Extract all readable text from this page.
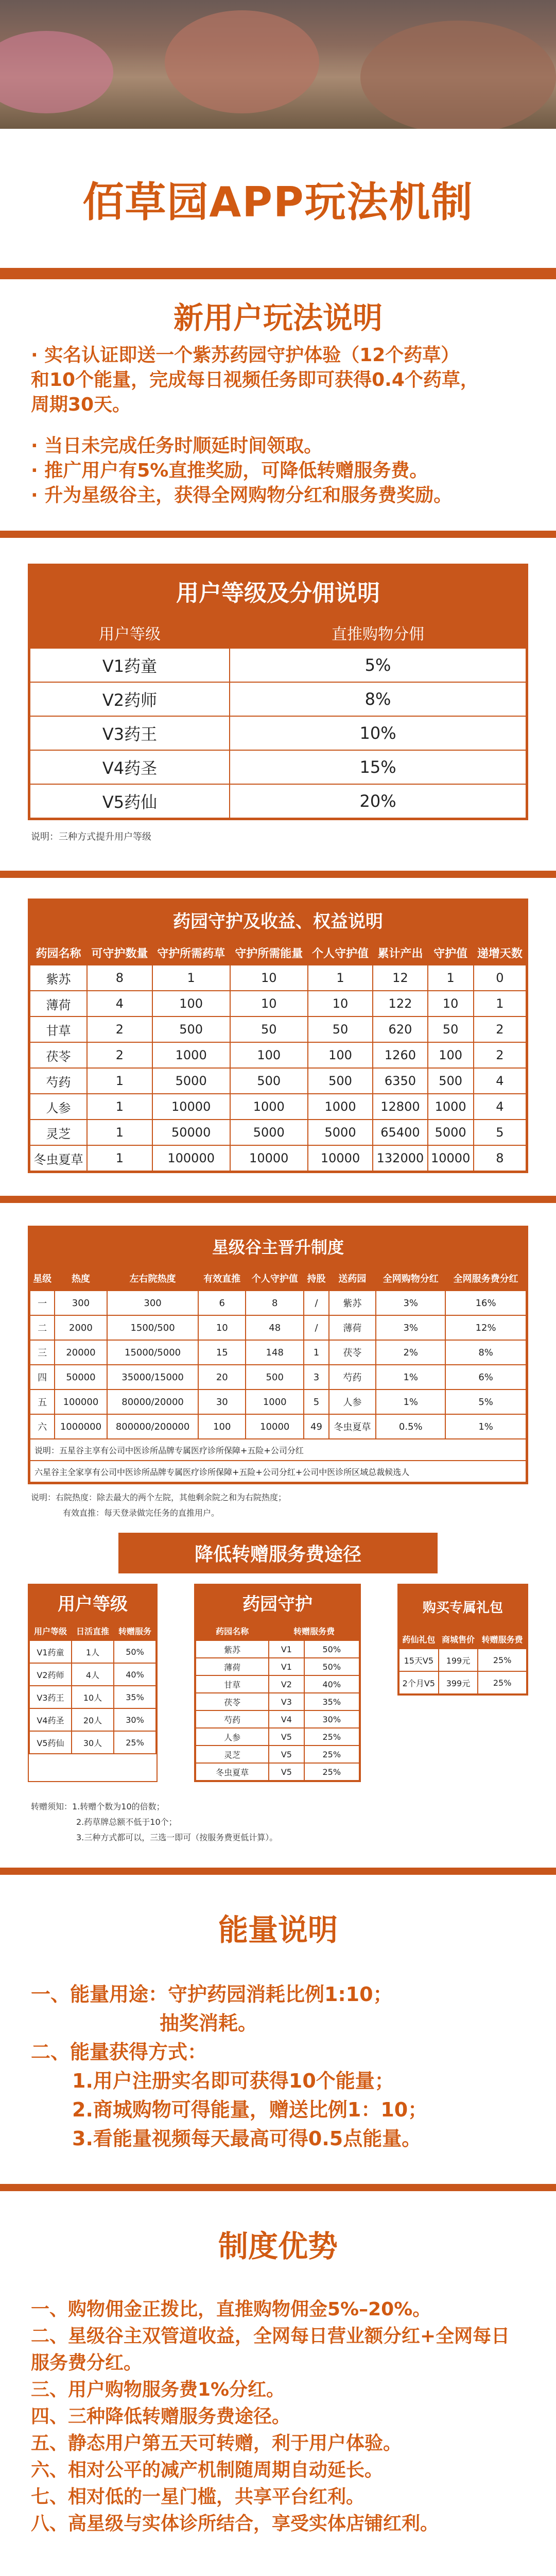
佰草园APP玩法机制
新用户玩法说明

· 实名认证即送一个紫苏药园守护体验（12个药草）

和10个能量，完成每日视频任务即可获得0.4个药草，

周期30天。

· 当日未完成任务时顺延时间领取。

· 推广用户有5%直推奖励，可降低转赠服务费。

· 升为星级谷主，获得全网购物分红和服务费奖励。

用户等级及分佣说明
用户等级	直推购物分佣
V1药童	5%
V2药师	8%
V3药王	10%
V4药圣	15%
V5药仙	20%
说明：三种方式提升用户等级
药园守护及收益、权益说明
药园名称	可守护数量	守护所需药草	守护所需能量	个人守护值	累计产出	守护值	递增天数
紫苏	8	1	10	1	12	1	0
薄荷	4	100	10	10	122	10	1
甘草	2	500	50	50	620	50	2
茯苓	2	1000	100	100	1260	100	2
芍药	1	5000	500	500	6350	500	4
人参	1	10000	1000	1000	12800	1000	4
灵芝	1	50000	5000	5000	65400	5000	5
冬虫夏草	1	100000	10000	10000	132000	10000	8
星级谷主晋升制度
星级	热度	左右院热度	有效直推	个人守护值	持股	送药园	全网购物分红	全网服务费分红
一	300	300	6	8	/	紫苏	3%	16%
二	2000	1500/500	10	48	/	薄荷	3%	12%
三	20000	15000/5000	15	148	1	茯苓	2%	8%
四	50000	35000/15000	20	500	3	芍药	1%	6%
五	100000	80000/20000	30	1000	5	人参	1%	5%
六	1000000	800000/200000	100	10000	49	冬虫夏草	0.5%	1%
说明：五星谷主享有公司中医诊所品牌专属医疗诊所保障+五险+公司分红								
六星谷主全家享有公司中医诊所品牌专属医疗诊所保障+五险+公司分红+公司中医诊所区域总裁候选人								
说明：右院热度：除去最大的两个左院，其他剩余院之和为右院热度；
有效直推：每天登录做完任务的直推用户。
降低转赠服务费途径
用户等级
用户等级	日活直推	转赠服务
V1药童	1人	50%
V2药师	4人	40%
V3药王	10人	35%
V4药圣	20人	30%
V5药仙	30人	25%
药园守护
药园名称	转赠服务费	
紫苏	V1	50%
薄荷	V1	50%
甘草	V2	40%
茯苓	V3	35%
芍药	V4	30%
人参	V5	25%
灵芝	V5	25%
冬虫夏草	V5	25%
购买专属礼包
药仙礼包	商城售价	转赠服务费
15天V5	199元	25%
2个月V5	399元	25%
转赠须知：1.转赠个数为10的倍数；
2.药草牌总额不低于10个；
3.三种方式都可以，三选一即可（按服务费更低计算）。
能量说明

一、能量用途：守护药园消耗比例1:10；

抽奖消耗。

二、能量获得方式：

1.用户注册实名即可获得10个能量；

2.商城购物可得能量，赠送比例1：10；

3.看能量视频每天最高可得0.5点能量。

制度优势

一、购物佣金正拨比，直推购物佣金5%–20%。

二、星级谷主双管道收益，全网每日营业额分红+全网每日

服务费分红。

三、用户购物服务费1%分红。

四、三种降低转赠服务费途径。

五、静态用户第五天可转赠，利于用户体验。

六、相对公平的减产机制随周期自动延长。

七、相对低的一星门槛，共享平台红利。

八、高星级与实体诊所结合，享受实体店铺红利。
